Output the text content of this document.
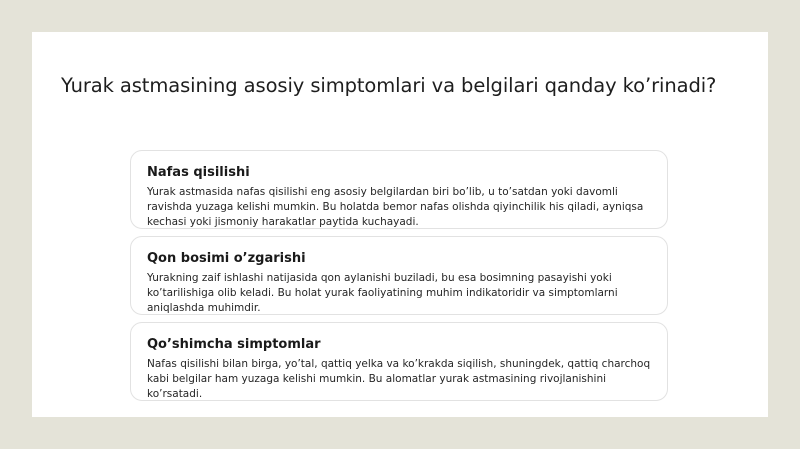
Yurak astmasining asosiy simptomlari va belgilari qanday ko’rinadi?

Nafas qisilishi

Yurak astmasida nafas qisilishi eng asosiy belgilardan biri bo’lib, u to’satdan yoki davomli ravishda yuzaga kelishi mumkin. Bu holatda bemor nafas olishda qiyinchilik his qiladi, ayniqsa kechasi yoki jismoniy harakatlar paytida kuchayadi.

Qon bosimi o’zgarishi

Yurakning zaif ishlashi natijasida qon aylanishi buziladi, bu esa bosimning pasayishi yoki ko’tarilishiga olib keladi. Bu holat yurak faoliyatining muhim indikatoridir va simptomlarni aniqlashda muhimdir.

Qo’shimcha simptomlar

Nafas qisilishi bilan birga, yo’tal, qattiq yelka va ko’krakda siqilish, shuningdek, qattiq charchoq kabi belgilar ham yuzaga kelishi mumkin. Bu alomatlar yurak astmasining rivojlanishini ko’rsatadi.
